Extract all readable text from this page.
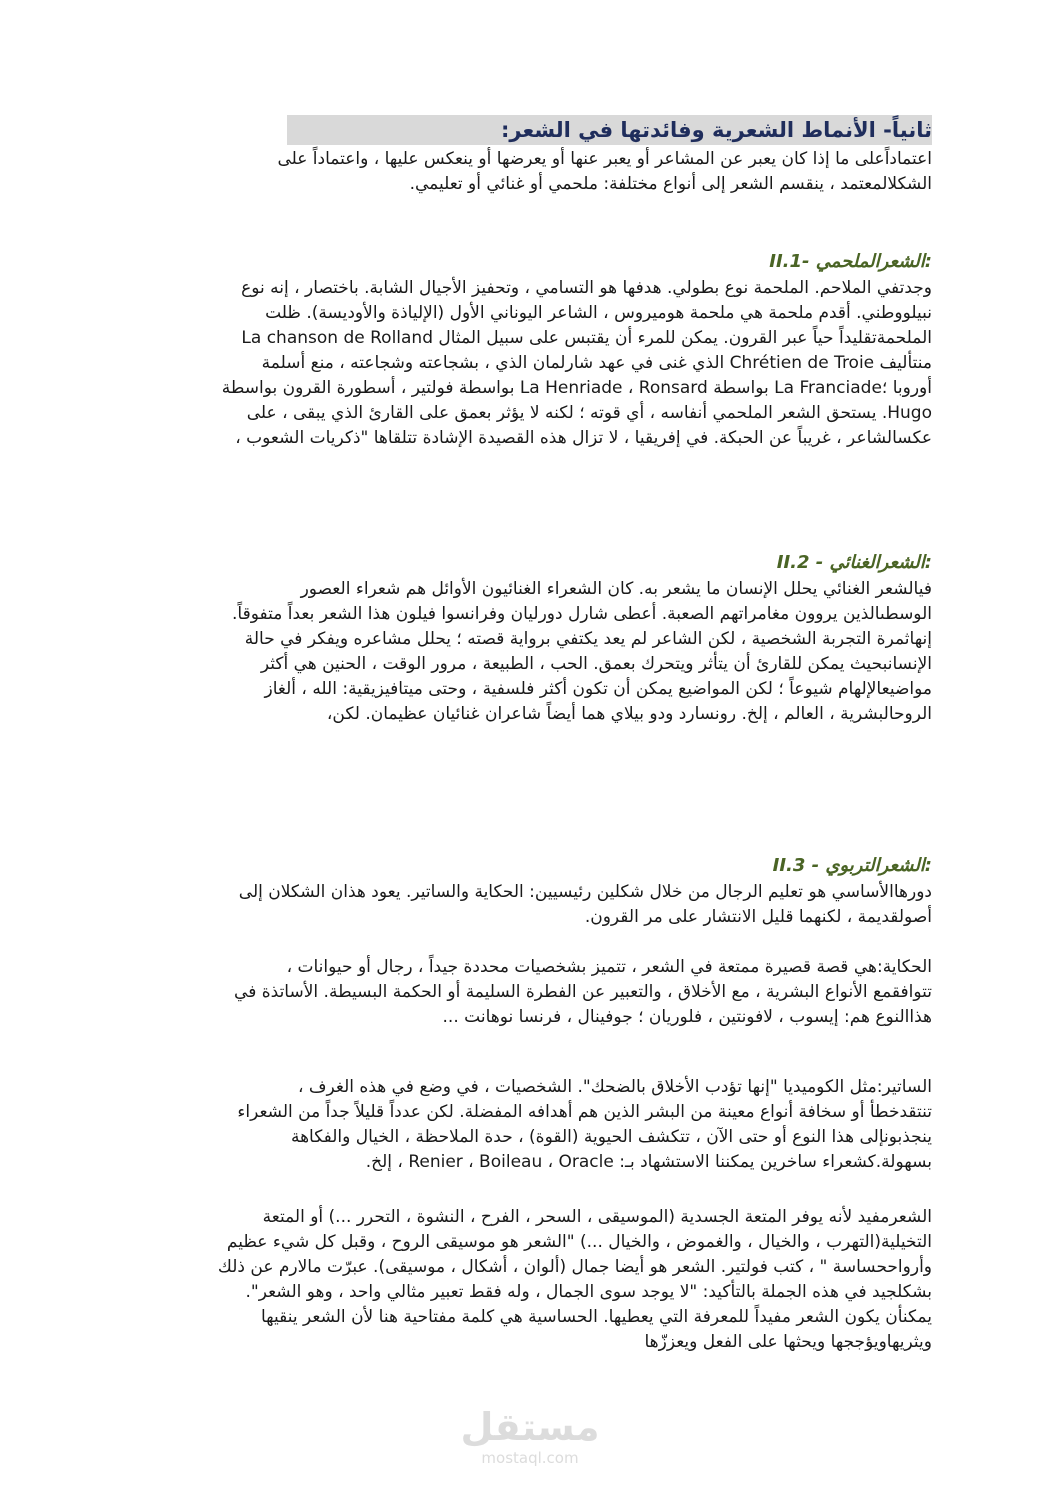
ثانياً- الأنماط الشعرية وفائدتها في الشعر:
اعتماداًعلى ما إذا كان يعبر عن المشاعر أو يعبر عنها أو يعرضها أو ينعكس عليها ، واعتماداً على
الشكلالمعتمد ، ينقسم الشعر إلى أنواع مختلفة: ملحمي أو غنائي أو تعليمي.
:الشعرالملحمي -II.1
وجدتفي الملاحم. الملحمة نوع بطولي. هدفها هو التسامي ، وتحفيز الأجيال الشابة. باختصار ، إنه نوع
نبيلووطني. أقدم ملحمة هي ملحمة هوميروس ، الشاعر اليوناني الأول (الإلياذة والأوديسة). ظلت
الملحمةتقليداً حياً عبر القرون. يمكن للمرء أن يقتبس على سبيل المثال La chanson de Rolland
منتأليف Chrétien de Troie الذي غنى في عهد شارلمان الذي ، بشجاعته وشجاعته ، منع أسلمة
أوروبا ؛La Franciade بواسطة La Henriade ، Ronsard بواسطة فولتير ، أسطورة القرون بواسطة
Hugo. يستحق الشعر الملحمي أنفاسه ، أي قوته ؛ لكنه لا يؤثر بعمق على القارئ الذي يبقى ، على
عكسالشاعر ، غريباً عن الحبكة. في إفريقيا ، لا تزال هذه القصيدة الإشادة تتلقاها "ذكريات الشعوب ،
:الشعرالغنائي - II.2
فيالشعر الغنائي يحلل الإنسان ما يشعر به. كان الشعراء الغنائيون الأوائل هم شعراء العصور
الوسطىالذين يروون مغامراتهم الصعبة. أعطى شارل دورليان وفرانسوا فيلون هذا الشعر بعداً متفوقاً.
إنهاثمرة التجربة الشخصية ، لكن الشاعر لم يعد يكتفي برواية قصته ؛ يحلل مشاعره ويفكر في حالة
الإنسانبحيث يمكن للقارئ أن يتأثر ويتحرك بعمق. الحب ، الطبيعة ، مرور الوقت ، الحنين هي أكثر
مواضيعالإلهام شيوعاً ؛ لكن المواضيع يمكن أن تكون أكثر فلسفية ، وحتى ميتافيزيقية: الله ، ألغاز
الروحالبشرية ، العالم ، إلخ. رونسارد ودو بيلاي هما أيضاً شاعران غنائيان عظيمان. لكن،
:الشعرالتربوي - II.3
دورهاالأساسي هو تعليم الرجال من خلال شكلين رئيسيين: الحكاية والساتير. يعود هذان الشكلان إلى
أصولقديمة ، لكنهما قليل الانتشار على مر القرون.
الحكاية:هي قصة قصيرة ممتعة في الشعر ، تتميز بشخصيات محددة جيداً ، رجال أو حيوانات ،
تتوافقمع الأنواع البشرية ، مع الأخلاق ، والتعبير عن الفطرة السليمة أو الحكمة البسيطة. الأساتذة في
هذاالنوع هم: إيسوب ، لافونتين ، فلوريان ؛ جوفينال ، فرنسا نوهانت ...
الساتير:مثل الكوميديا "إنها تؤدب الأخلاق بالضحك". الشخصيات ، في وضع في هذه الغرف ،
تنتقدخطأ أو سخافة أنواع معينة من البشر الذين هم أهدافه المفضلة. لكن عدداً قليلاً جداً من الشعراء
ينجذبونإلى هذا النوع أو حتى الآن ، تتكشف الحيوية (القوة) ، حدة الملاحظة ، الخيال والفكاهة
بسهولة.كشعراء ساخرين يمكننا الاستشهاد بـ: Renier ، Boileau ، Oracle ، إلخ.
الشعرمفيد لأنه يوفر المتعة الجسدية (الموسيقى ، السحر ، الفرح ، النشوة ، التحرر ...) أو المتعة
التخيلية(التهرب ، والخيال ، والغموض ، والخيال ...) "الشعر هو موسيقى الروح ، وقبل كل شيء عظيم
وأرواححساسة " ، كتب فولتير. الشعر هو أيضا جمال (ألوان ، أشكال ، موسيقى). عبرّت مالارم عن ذلك
بشكلجيد في هذه الجملة بالتأكيد: "لا يوجد سوى الجمال ، وله فقط تعبير مثالي واحد ، وهو الشعر".
يمكنأن يكون الشعر مفيداً للمعرفة التي يعطيها. الحساسية هي كلمة مفتاحية هنا لأن الشعر ينقيها
ويثريهاويؤججها ويحثها على الفعل ويعززّها
مستقل
mostaql.com
